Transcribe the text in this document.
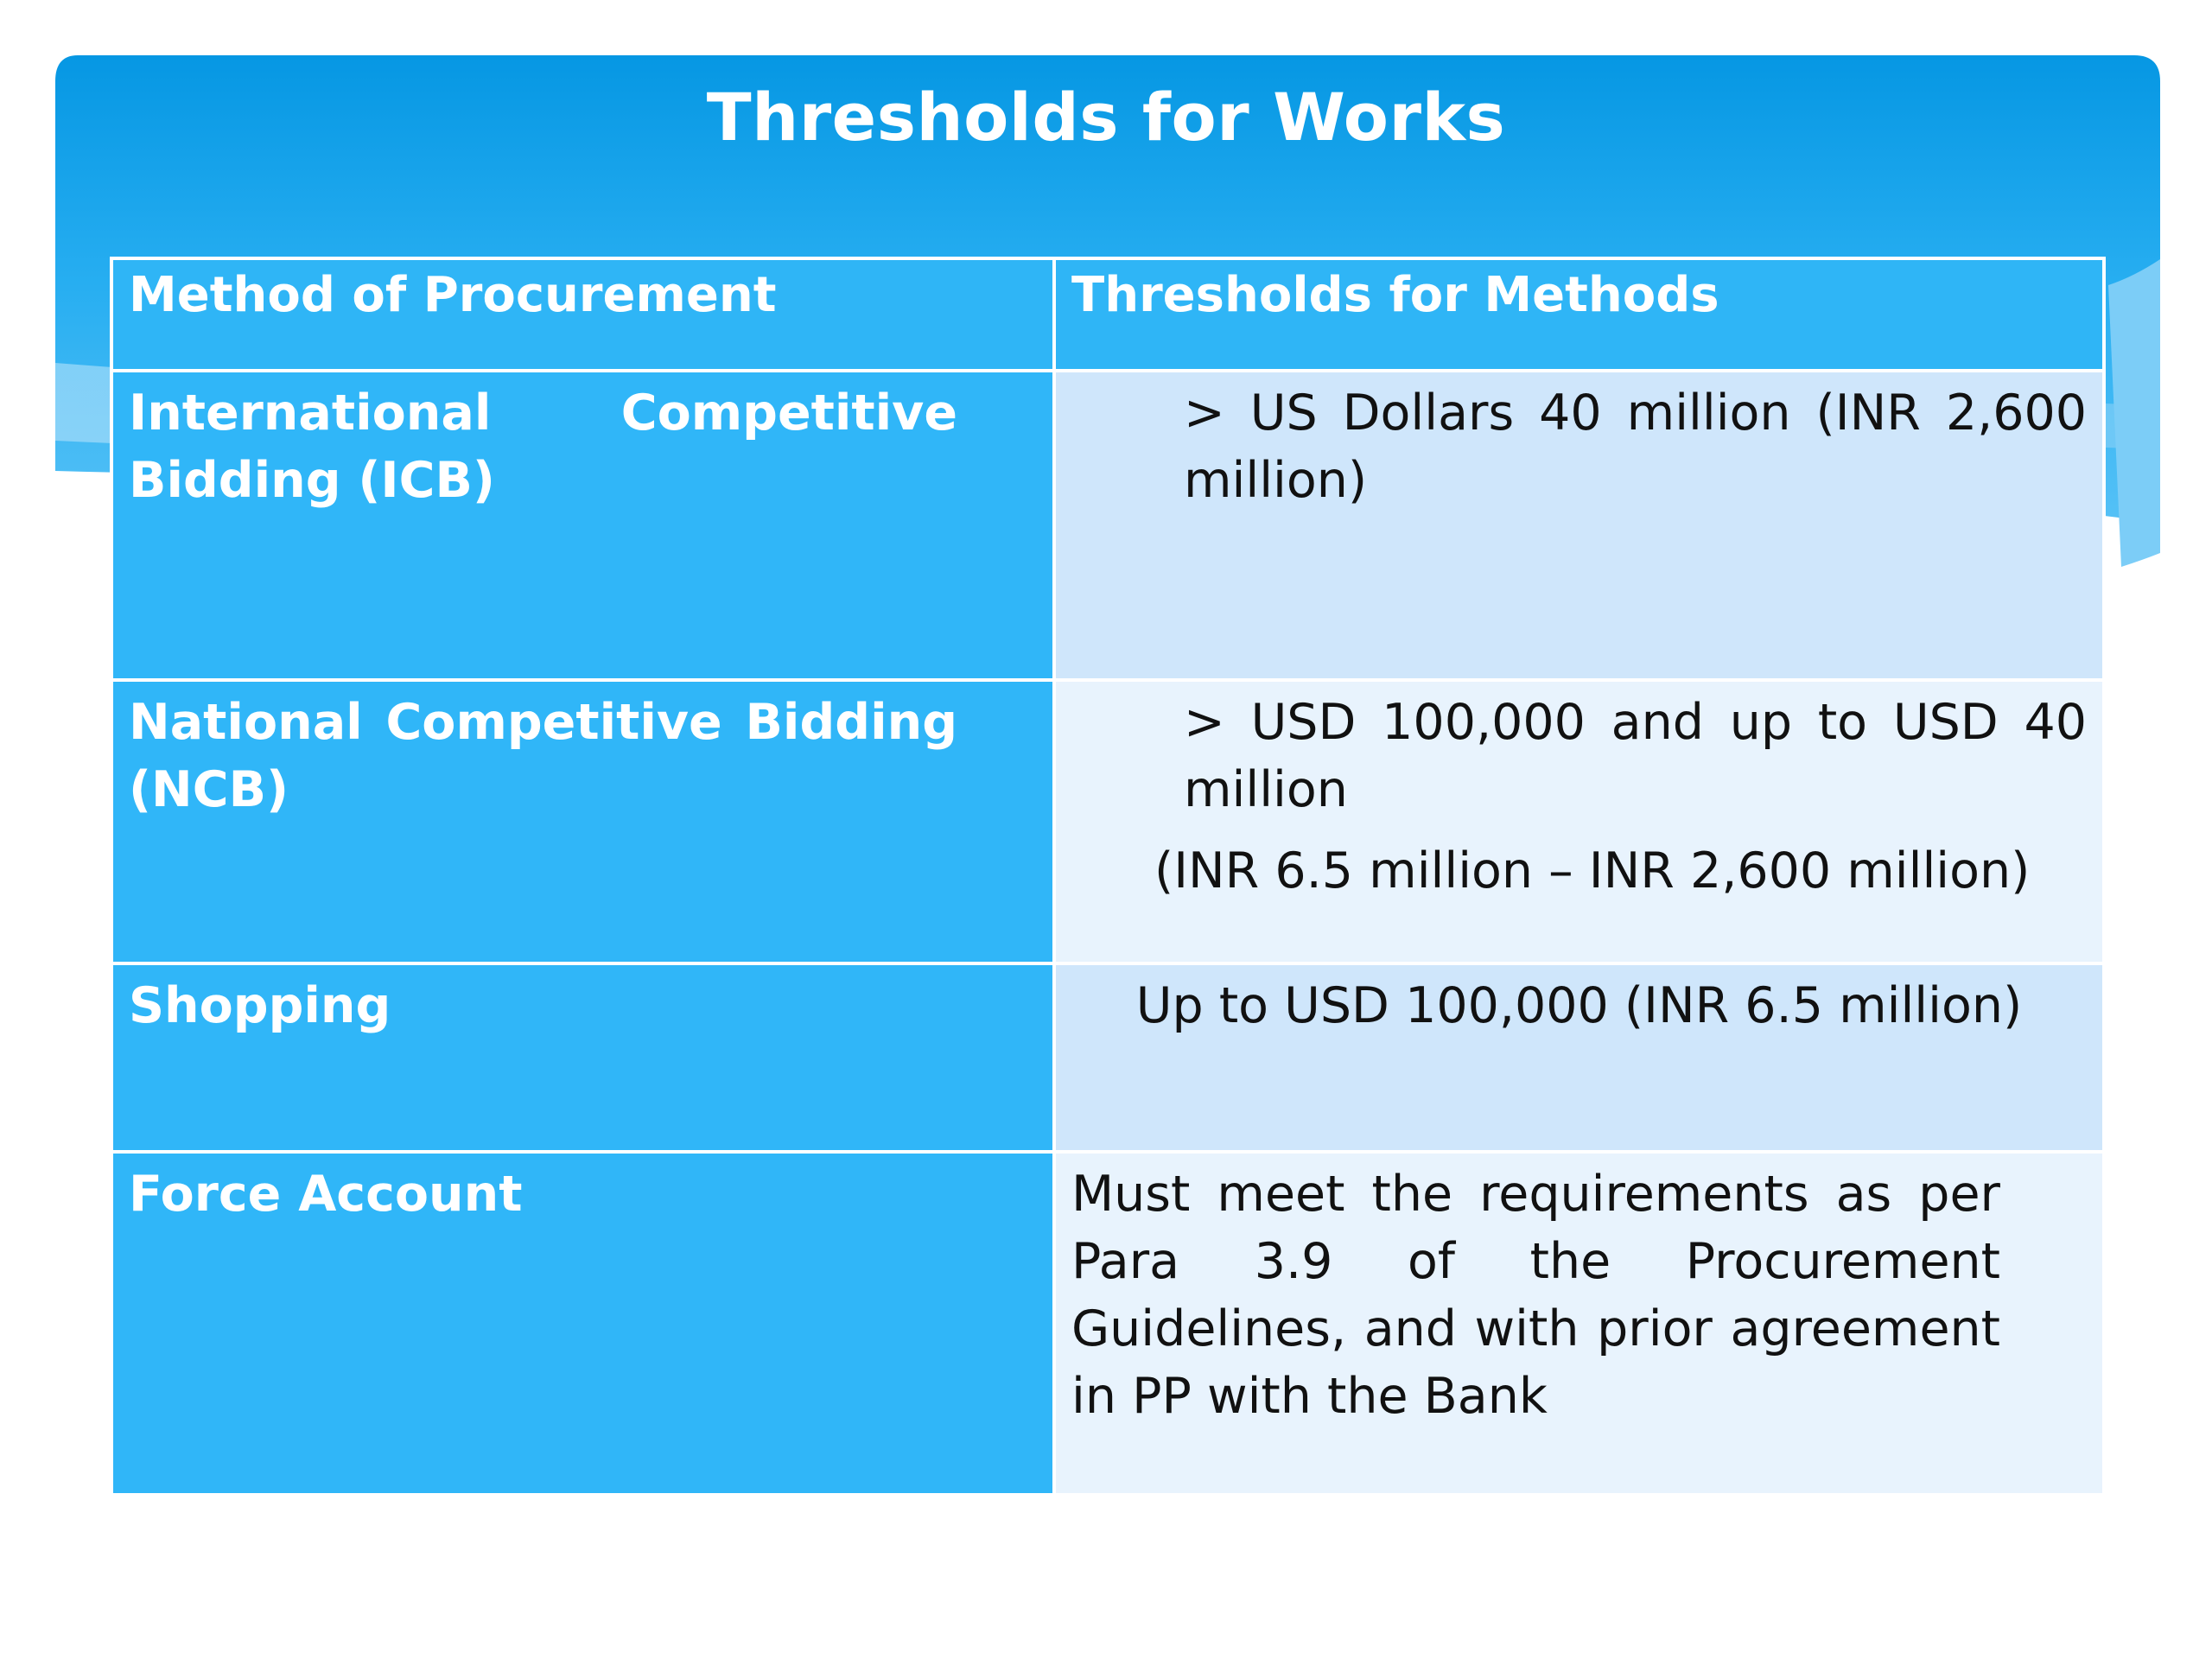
Thresholds for Works
Method of Procurement	Thresholds for Methods
International Competitive Bidding (ICB)	> US Dollars 40 million (INR 2,600 million)

National Competitive Bidding (NCB)	> USD 100,000 and up to USD 40 million
(INR 6.5 million – INR 2,600 million)

Shopping	Up to USD 100,000 (INR 6.5 million)

Force Account	Must meet the requirements as per Para 3.9 of the Procurement Guidelines, and with prior agreement in PP with the Bank
